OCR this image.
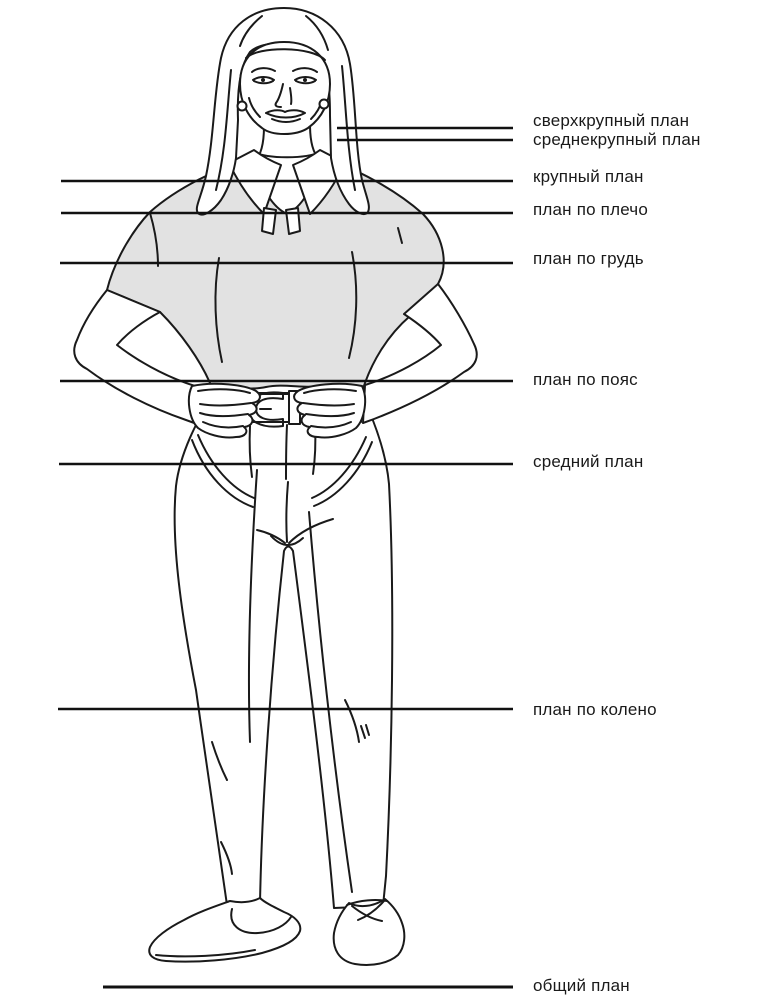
сверхкрупный план
среднекрупный план
крупный план
план по плечо
план по грудь
план по пояс
средний план
план по колено
общий план
